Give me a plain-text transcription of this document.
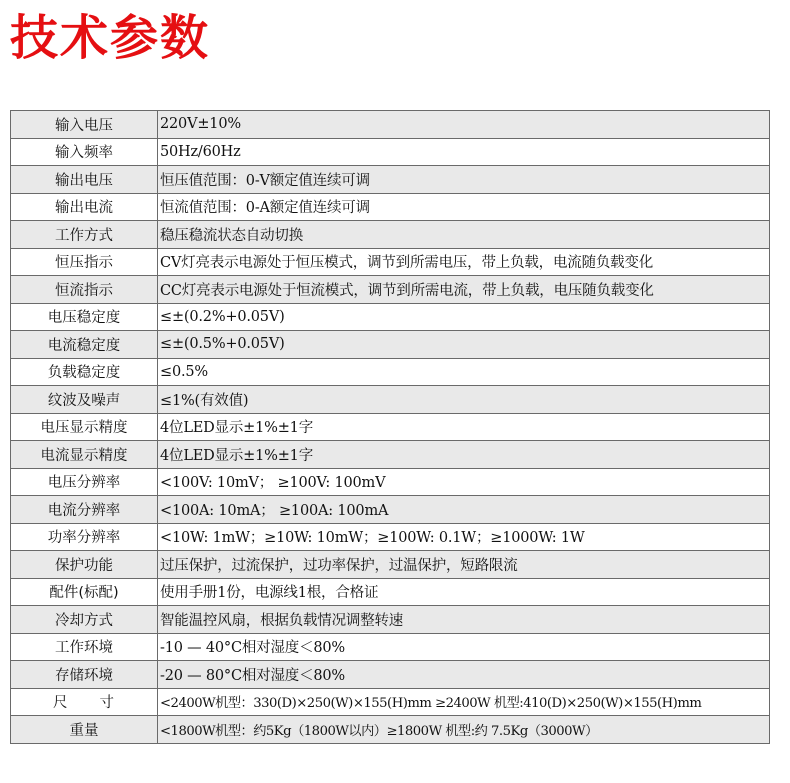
技术参数
输入电压	220V±10%
输入频率	50Hz/60Hz
输出电压	恒压值范围：0-V额定值连续可调
输出电流	恒流值范围：0-A额定值连续可调
工作方式	稳压稳流状态自动切换
恒压指示	CV灯亮表示电源处于恒压模式，调节到所需电压，带上负载，电流随负载变化
恒流指示	CC灯亮表示电源处于恒流模式，调节到所需电流，带上负载，电压随负载变化
电压稳定度	≤±(0.2%+0.05V)
电流稳定度	≤±(0.5%+0.05V)
负载稳定度	≤0.5%
纹波及噪声	≤1%(有效值)
电压显示精度	4位LED显示±1%±1字
电流显示精度	4位LED显示±1%±1字
电压分辨率	<100V: 10mV； ≥100V: 100mV
电流分辨率	<100A: 10mA； ≥100A: 100mA
功率分辨率	<10W: 1mW；≥10W: 10mW；≥100W: 0.1W；≥1000W: 1W
保护功能	过压保护，过流保护，过功率保护，过温保护，短路限流
配件(标配)	使用手册1份，电源线1根，合格证
冷却方式	智能温控风扇，根据负载情况调整转速
工作环境	-10 — 40°C相对湿度＜80%
存储环境	-20 — 80°C相对湿度＜80%
尺　　寸	<2400W机型：330(D)×250(W)×155(H)mm ≥2400W 机型:410(D)×250(W)×155(H)mm
重量	<1800W机型：约5Kg（1800W以内）≥1800W 机型:约 7.5Kg（3000W）
